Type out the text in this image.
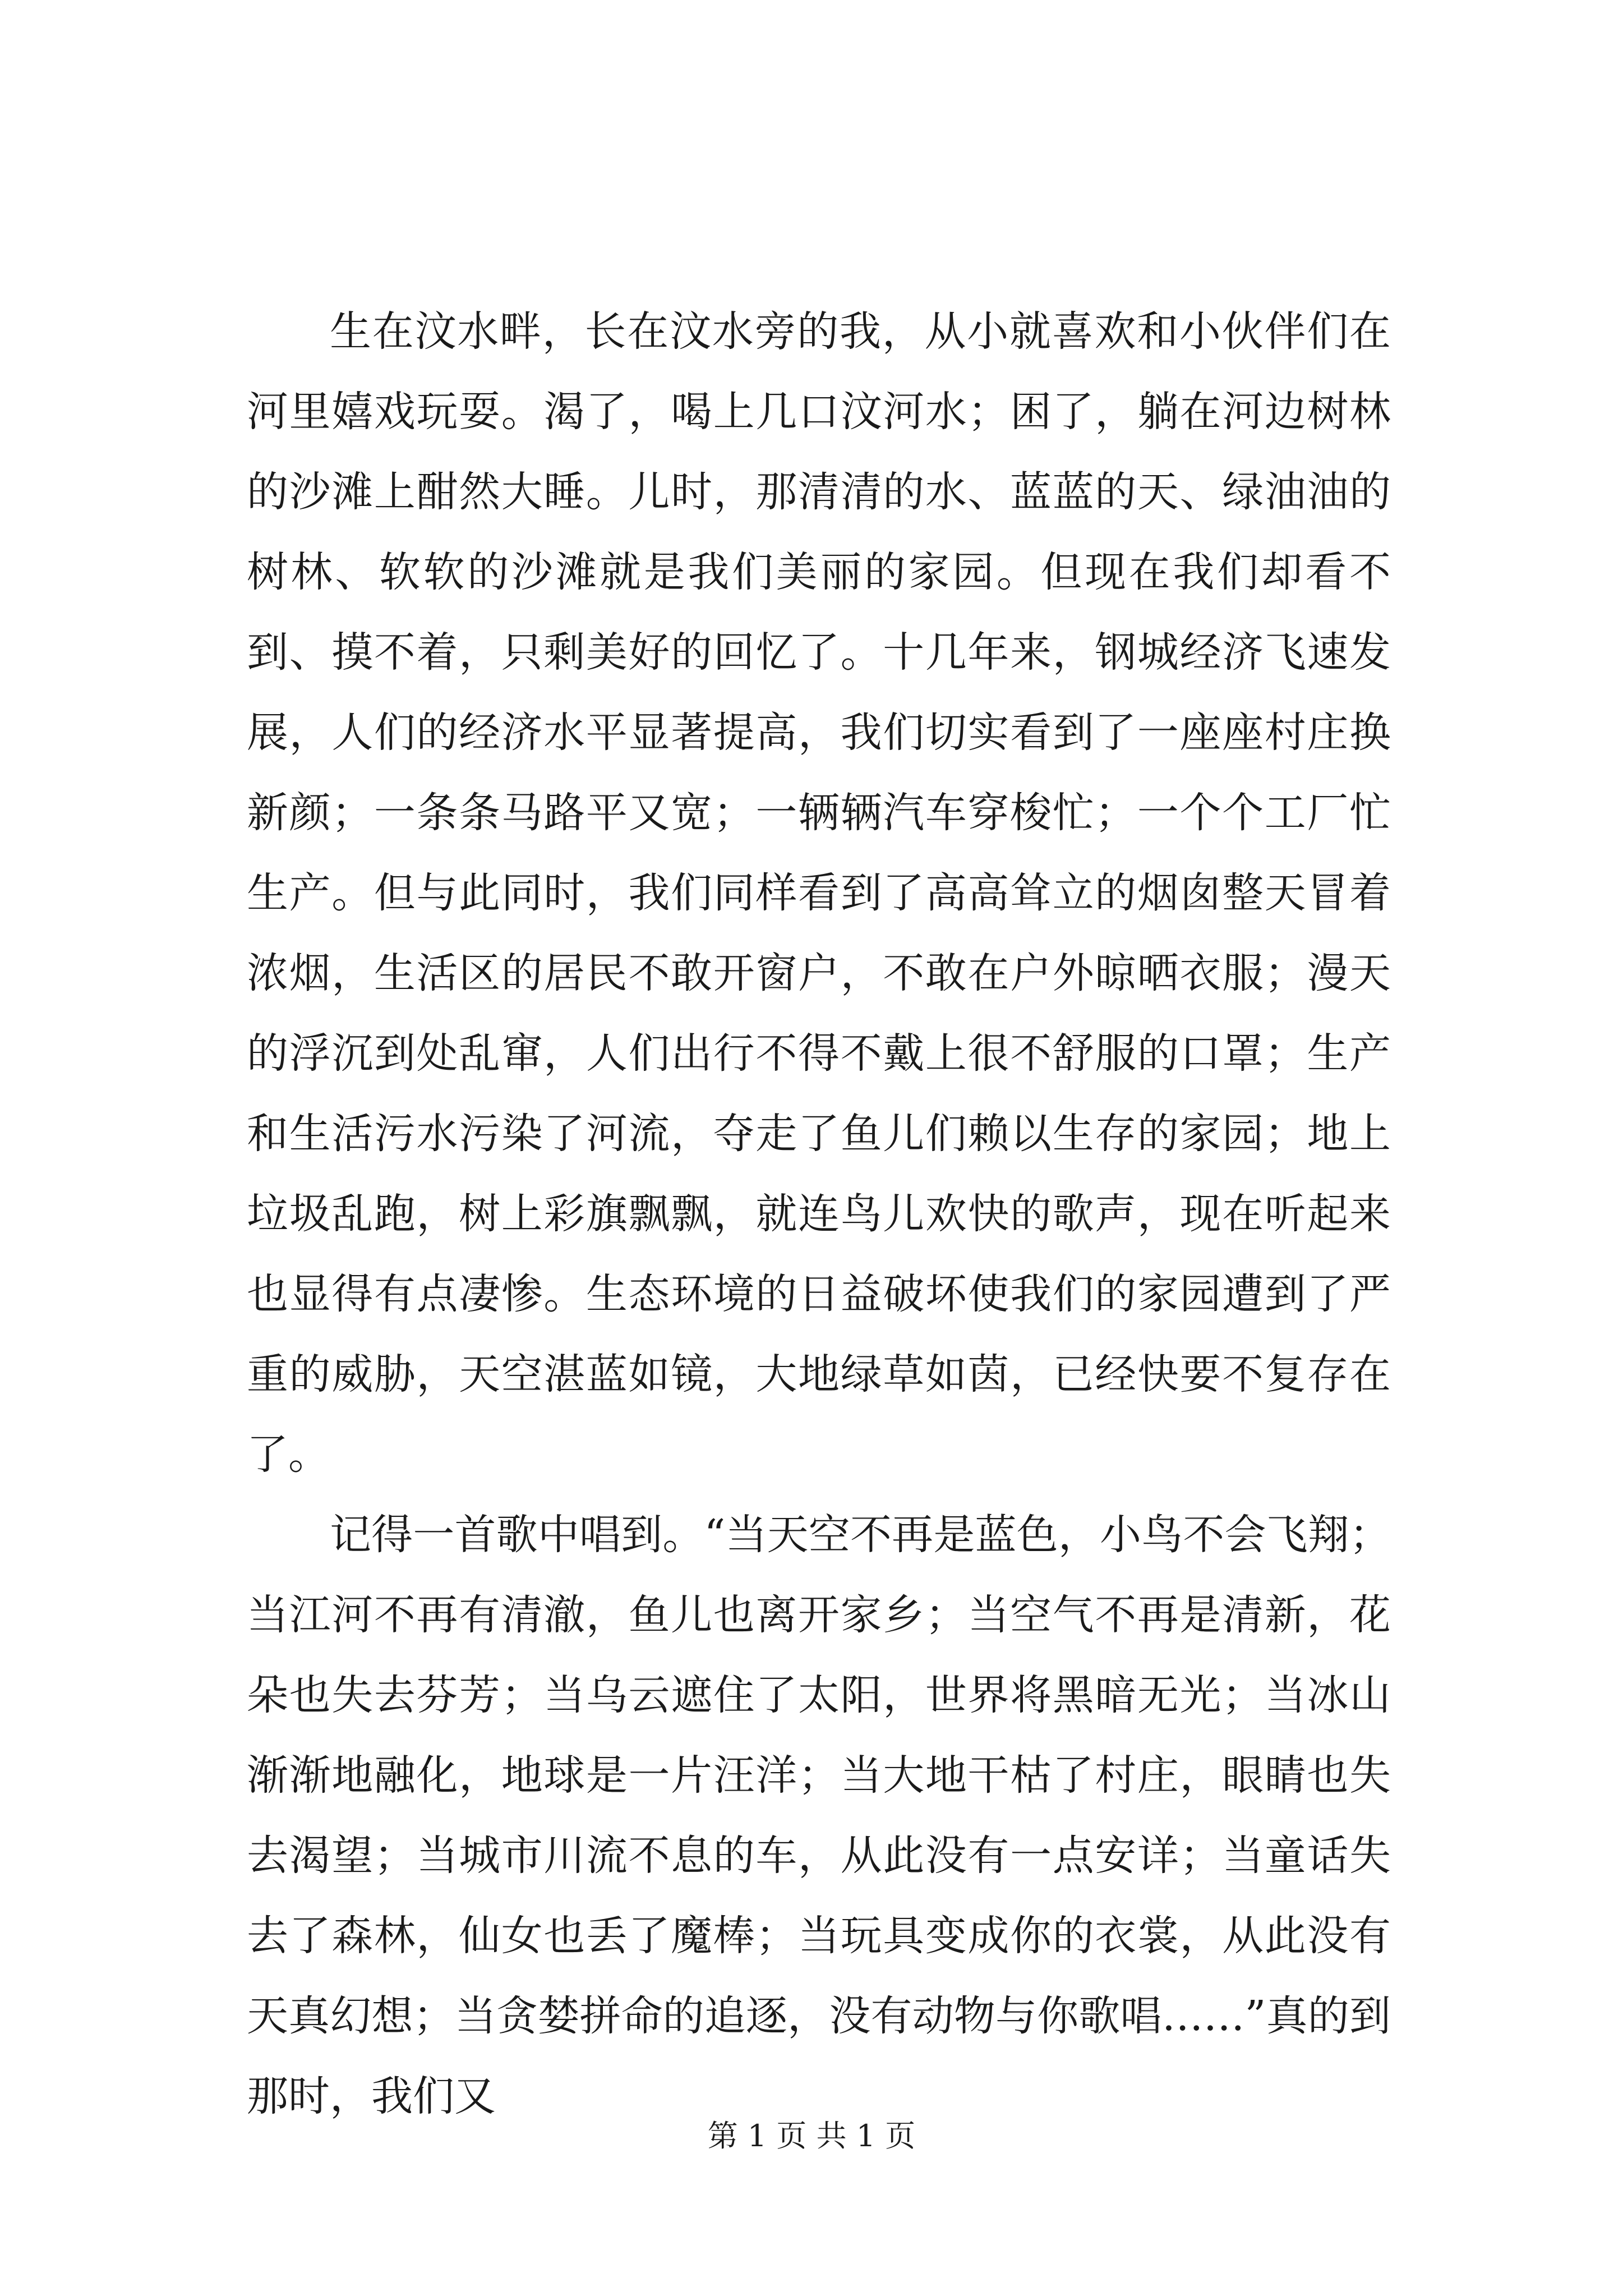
生在汶水畔，长在汶水旁的我，从小就喜欢和小伙伴们在河里嬉戏玩耍。渴了，喝上几口汶河水；困了，躺在河边树林的沙滩上酣然大睡。儿时，那清清的水、蓝蓝的天、绿油油的树林、软软的沙滩就是我们美丽的家园。但现在我们却看不到、摸不着，只剩美好的回忆了。十几年来，钢城经济飞速发展，人们的经济水平显著提高，我们切实看到了一座座村庄换新颜；一条条马路平又宽；一辆辆汽车穿梭忙；一个个工厂忙生产。但与此同时，我们同样看到了高高耸立的烟囱整天冒着浓烟，生活区的居民不敢开窗户，不敢在户外晾晒衣服；漫天的浮沉到处乱窜，人们出行不得不戴上很不舒服的口罩；生产和生活污水污染了河流，夺走了鱼儿们赖以生存的家园；地上垃圾乱跑，树上彩旗飘飘，就连鸟儿欢快的歌声，现在听起来也显得有点凄惨。生态环境的日益破坏使我们的家园遭到了严重的威胁，天空湛蓝如镜，大地绿草如茵，已经快要不复存在了。

记得一首歌中唱到。“当天空不再是蓝色，小鸟不会飞翔；当江河不再有清澈，鱼儿也离开家乡；当空气不再是清新，花朵也失去芬芳；当乌云遮住了太阳，世界将黑暗无光；当冰山渐渐地融化，地球是一片汪洋；当大地干枯了村庄，眼睛也失去渴望；当城市川流不息的车，从此没有一点安详；当童话失去了森林，仙女也丢了魔棒；当玩具变成你的衣裳，从此没有天真幻想；当贪婪拼命的追逐，没有动物与你歌唱……”真的到那时，我们又

第 1 页 共 1 页
